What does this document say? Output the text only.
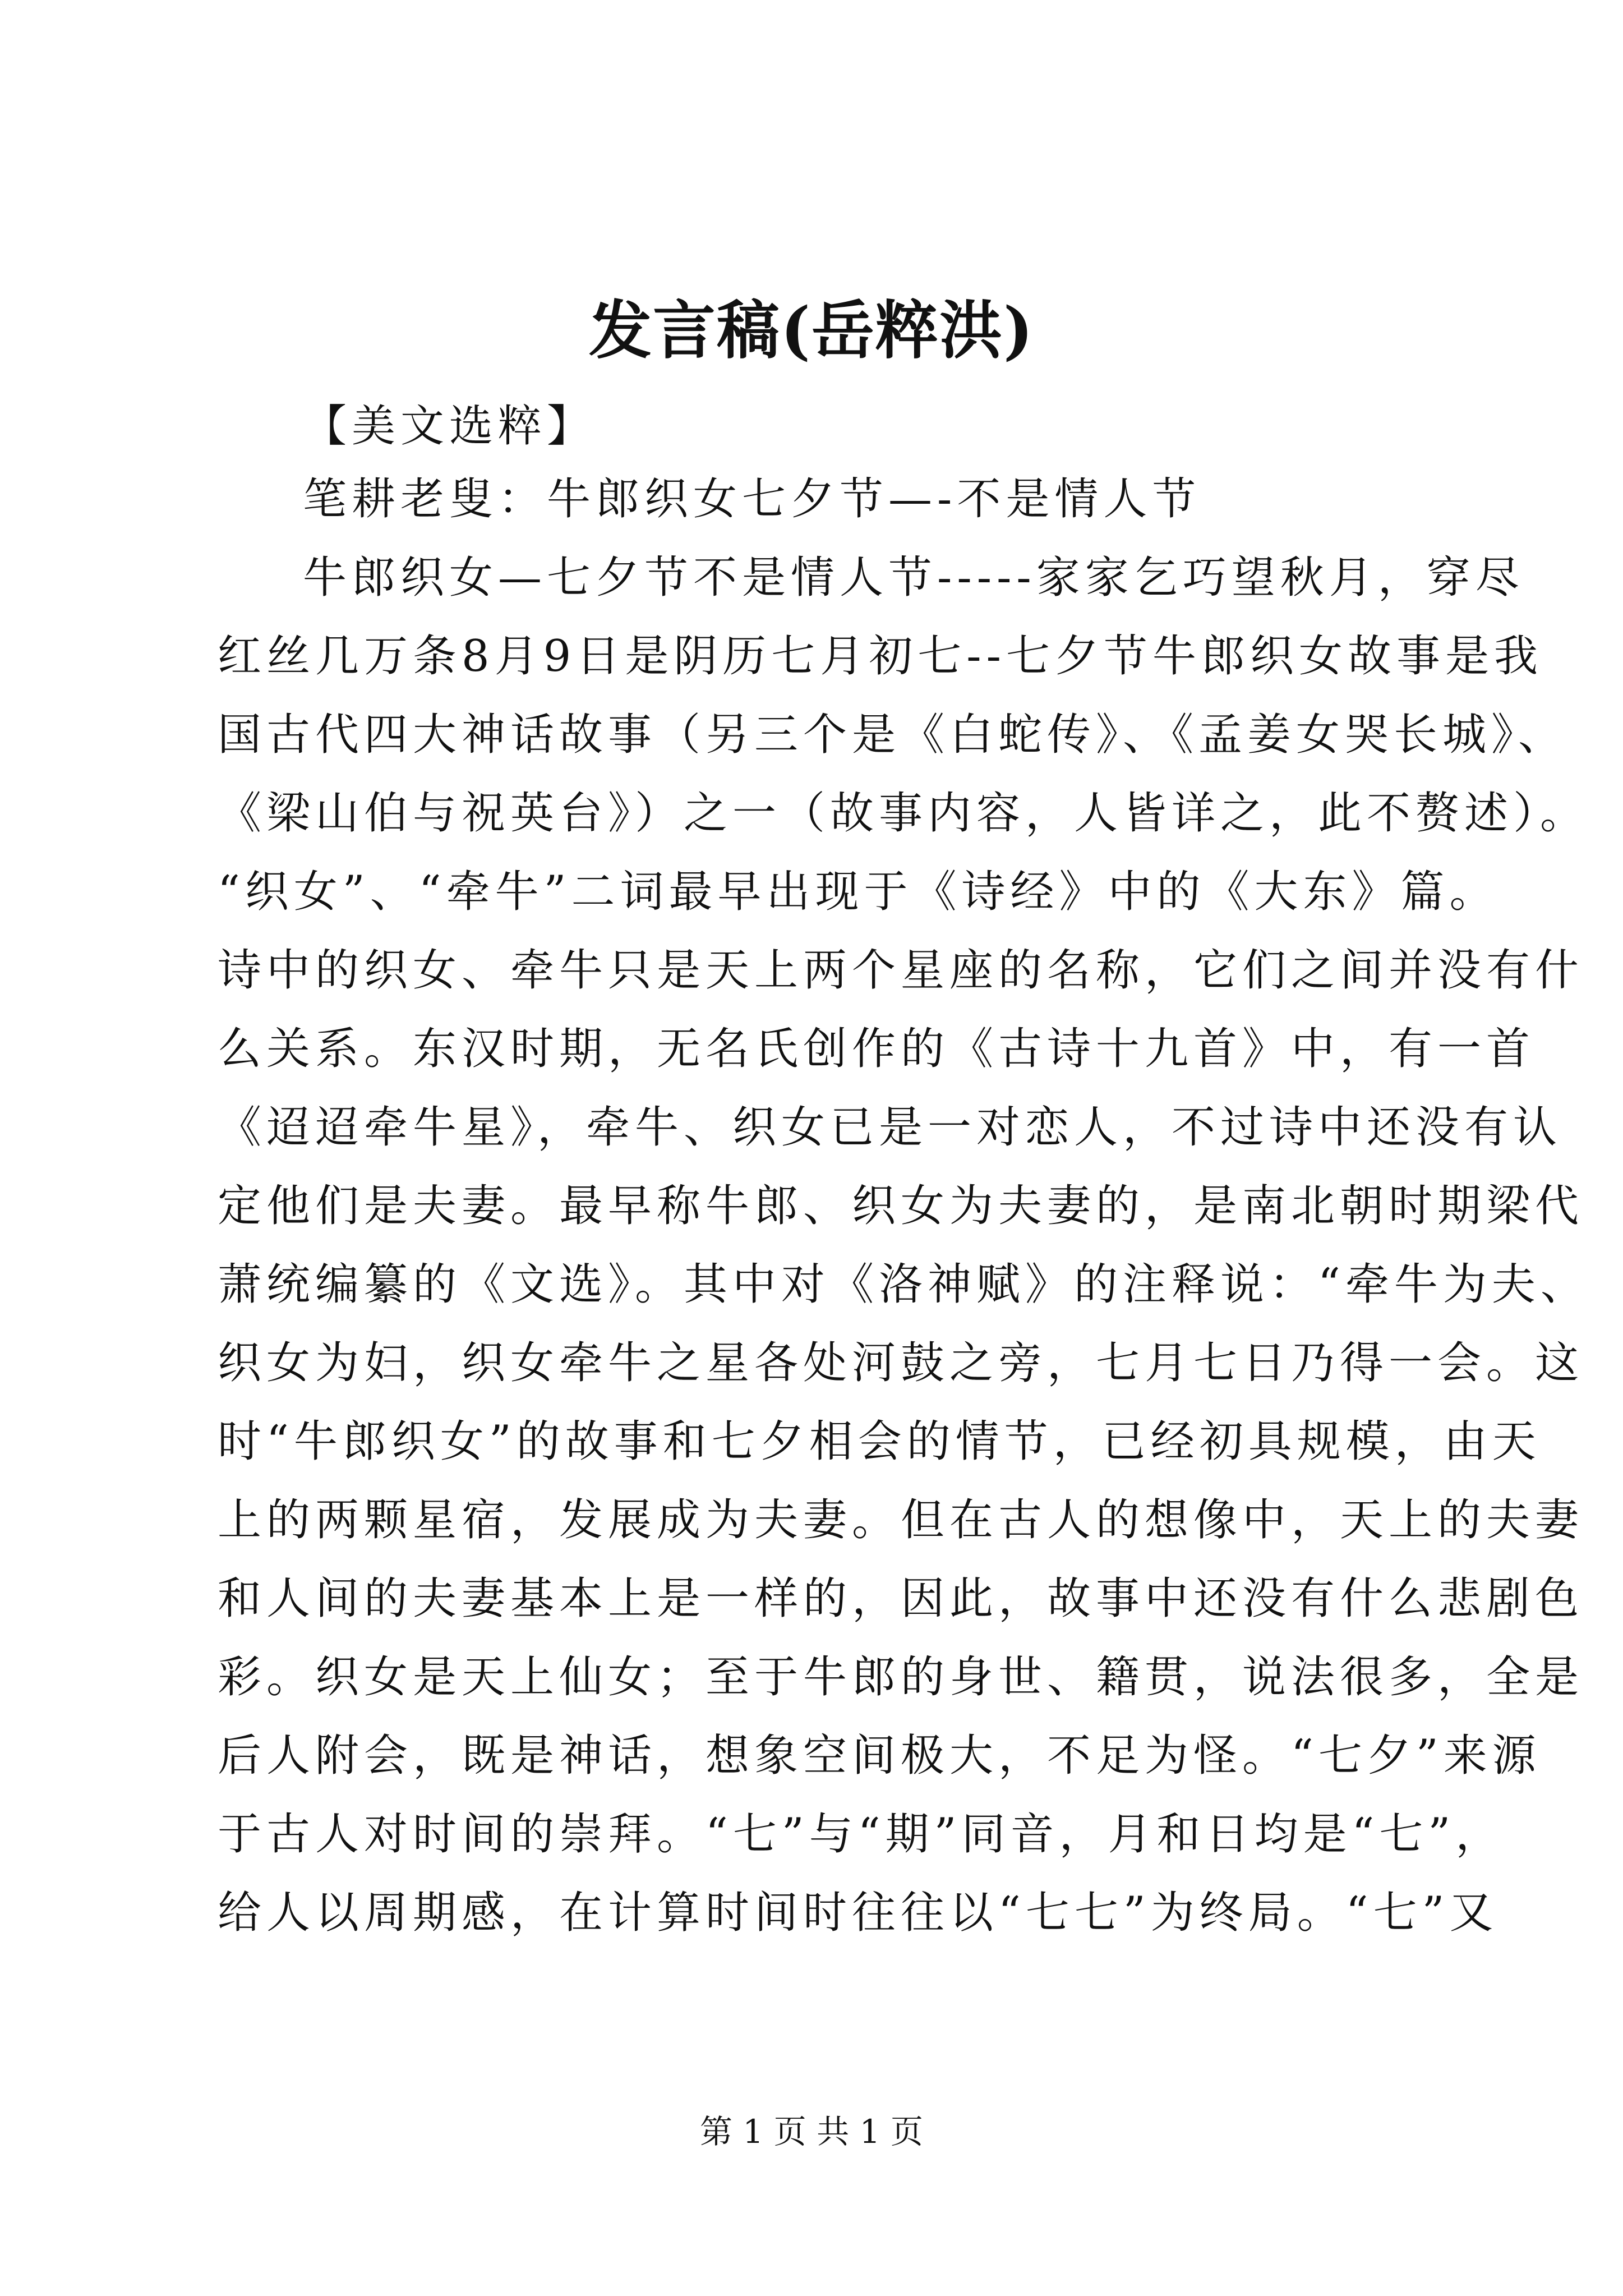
发言稿(岳粹洪)

【美文选粹】

笔耕老叟：牛郎织女七夕节—-不是情人节

牛郎织女—七夕节不是情人节-----家家乞巧望秋月，穿尽

红丝几万条8月9日是阴历七月初七--七夕节牛郎织女故事是我

国古代四大神话故事（另三个是《白蛇传》、《孟姜女哭长城》、

《梁山伯与祝英台》）之一（故事内容，人皆详之，此不赘述）。

“织女”、“牵牛”二词最早出现于《诗经》中的《大东》篇。

诗中的织女、牵牛只是天上两个星座的名称，它们之间并没有什

么关系。东汉时期，无名氏创作的《古诗十九首》中，有一首

《迢迢牵牛星》，牵牛、织女已是一对恋人，不过诗中还没有认

定他们是夫妻。最早称牛郎、织女为夫妻的，是南北朝时期梁代

萧统编纂的《文选》。其中对《洛神赋》的注释说：“牵牛为夫、

织女为妇，织女牵牛之星各处河鼓之旁，七月七日乃得一会。这

时“牛郎织女”的故事和七夕相会的情节，已经初具规模，由天

上的两颗星宿，发展成为夫妻。但在古人的想像中，天上的夫妻

和人间的夫妻基本上是一样的，因此，故事中还没有什么悲剧色

彩。织女是天上仙女；至于牛郎的身世、籍贯，说法很多，全是

后人附会，既是神话，想象空间极大，不足为怪。“七夕”来源

于古人对时间的崇拜。“七”与“期”同音，月和日均是“七”，

给人以周期感，在计算时间时往往以“七七”为终局。“七”又

第 1 页 共 1 页
